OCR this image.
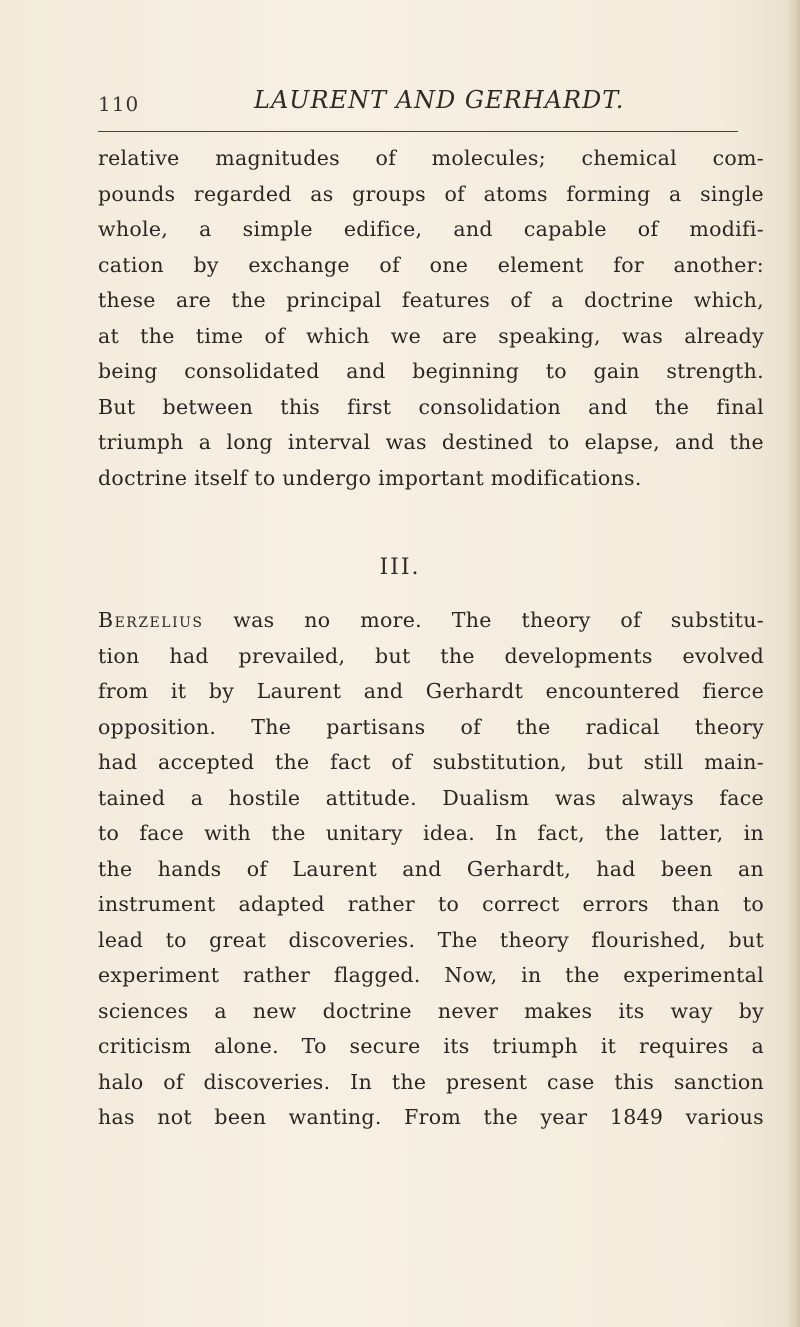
110	LAURENT AND GERHARDT.
relative magnitudes of molecules; chemical com-
pounds regarded as groups of atoms forming a single
whole, a simple edifice, and capable of modifi-
cation by exchange of one element for another:
these are the principal features of a doctrine which,
at the time of which we are speaking, was already
being consolidated and beginning to gain strength.
But between this first consolidation and the final
triumph a long interval was destined to elapse, and the
doctrine itself to undergo important modifications.
III.
Berzelius was no more. The theory of substitu-
tion had prevailed, but the developments evolved
from it by Laurent and Gerhardt encountered fierce
opposition. The partisans of the radical theory
had accepted the fact of substitution, but still main-
tained a hostile attitude. Dualism was always face
to face with the unitary idea. In fact, the latter, in
the hands of Laurent and Gerhardt, had been an
instrument adapted rather to correct errors than to
lead to great discoveries. The theory flourished, but
experiment rather flagged. Now, in the experimental
sciences a new doctrine never makes its way by
criticism alone. To secure its triumph it requires a
halo of discoveries. In the present case this sanction
has not been wanting. From the year 1849 various
